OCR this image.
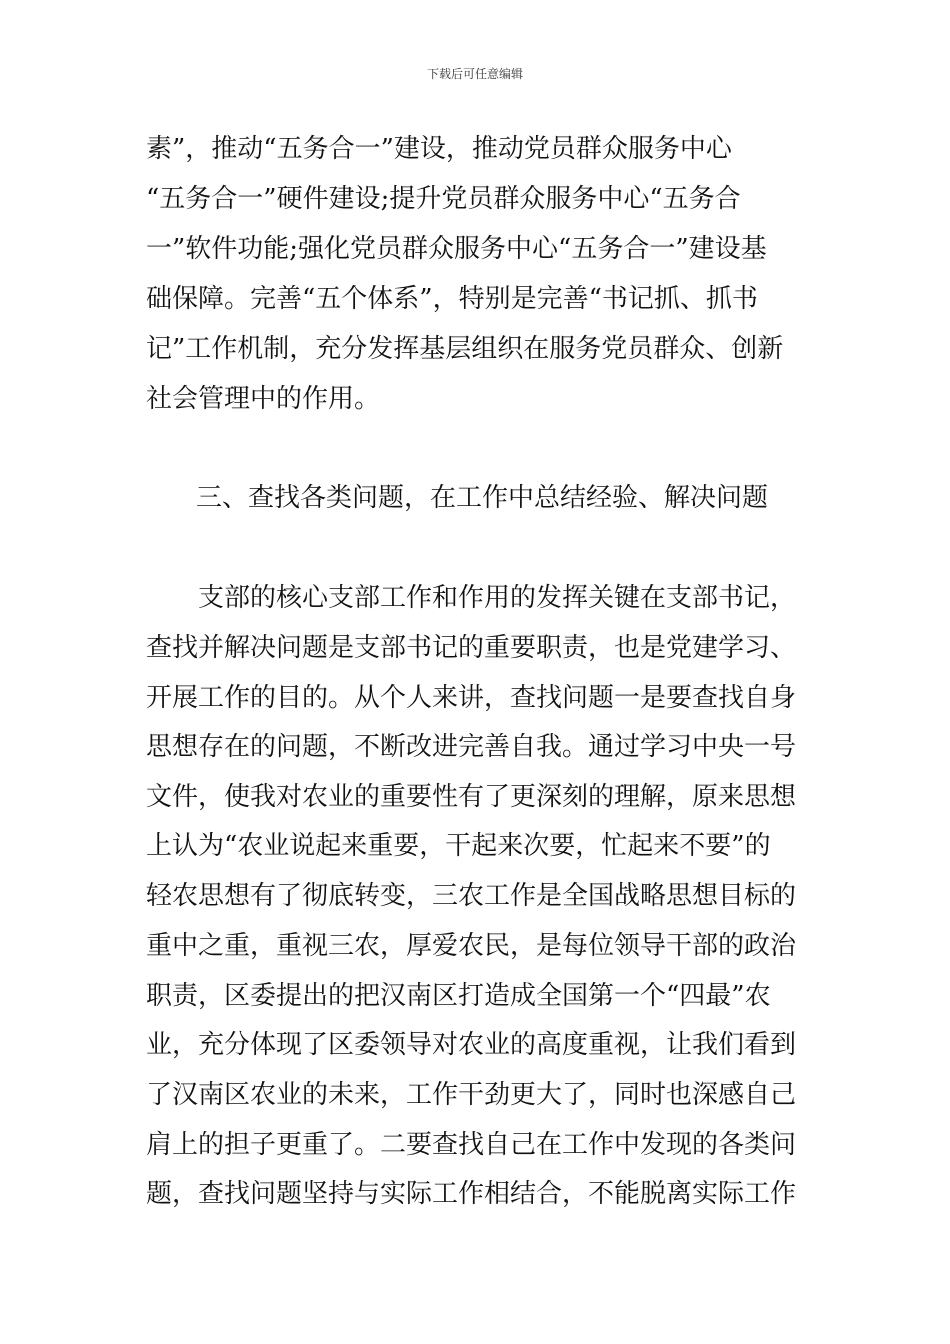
下载后可任意编辑
素”，推动“五务合一”建设，推动党员群众服务中心
“五务合一”硬件建设;提升党员群众服务中心“五务合
一”软件功能;强化党员群众服务中心“五务合一”建设基
础保障。完善“五个体系”，特别是完善“书记抓、抓书
记”工作机制，充分发挥基层组织在服务党员群众、创新
社会管理中的作用。
三、查找各类问题，在工作中总结经验、解决问题
支部的核心支部工作和作用的发挥关键在支部书记，
查找并解决问题是支部书记的重要职责，也是党建学习、
开展工作的目的。从个人来讲，查找问题一是要查找自身
思想存在的问题，不断改进完善自我。通过学习中央一号
文件，使我对农业的重要性有了更深刻的理解，原来思想
上认为“农业说起来重要，干起来次要，忙起来不要”的
轻农思想有了彻底转变，三农工作是全国战略思想目标的
重中之重，重视三农，厚爱农民，是每位领导干部的政治
职责，区委提出的把汉南区打造成全国第一个“四最”农
业，充分体现了区委领导对农业的高度重视，让我们看到
了汉南区农业的未来，工作干劲更大了，同时也深感自己
肩上的担子更重了。二要查找自己在工作中发现的各类问
题，查找问题坚持与实际工作相结合，不能脱离实际工作
